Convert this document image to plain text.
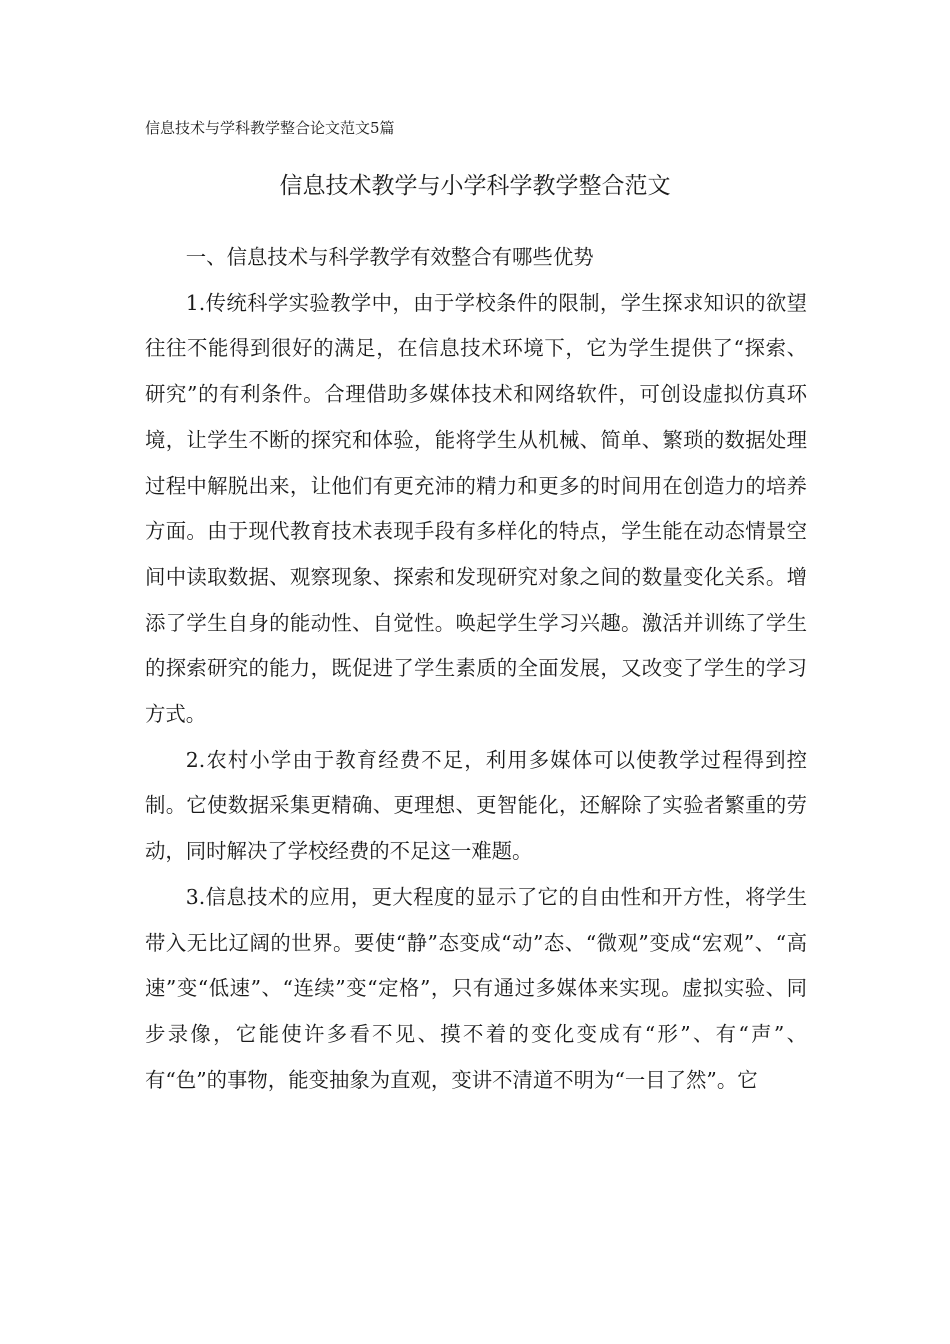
信息技术与学科教学整合论文范文5篇
信息技术教学与小学科学教学整合范文

一、信息技术与科学教学有效整合有哪些优势

1.传统科学实验教学中，由于学校条件的限制，学生探求知识的欲望往往不能得到很好的满足，在信息技术环境下，它为学生提供了“探索、研究”的有利条件。合理借助多媒体技术和网络软件，可创设虚拟仿真环境，让学生不断的探究和体验，能将学生从机械、简单、繁琐的数据处理过程中解脱出来，让他们有更充沛的精力和更多的时间用在创造力的培养方面。由于现代教育技术表现手段有多样化的特点，学生能在动态情景空间中读取数据、观察现象、探索和发现研究对象之间的数量变化关系。增添了学生自身的能动性、自觉性。唤起学生学习兴趣。激活并训练了学生的探索研究的能力，既促进了学生素质的全面发展，又改变了学生的学习方式。

2.农村小学由于教育经费不足，利用多媒体可以使教学过程得到控制。它使数据采集更精确、更理想、更智能化，还解除了实验者繁重的劳动，同时解决了学校经费的不足这一难题。

3.信息技术的应用，更大程度的显示了它的自由性和开方性，将学生带入无比辽阔的世界。要使“静”态变成“动”态、“微观”变成“宏观”、“高速”变“低速”、“连续”变“定格”，只有通过多媒体来实现。虚拟实验、同步录像，它能使许多看不见、摸不着的变化变成有“形”、有“声”、有“色”的事物，能变抽象为直观，变讲不清道不明为“一目了然”。它
